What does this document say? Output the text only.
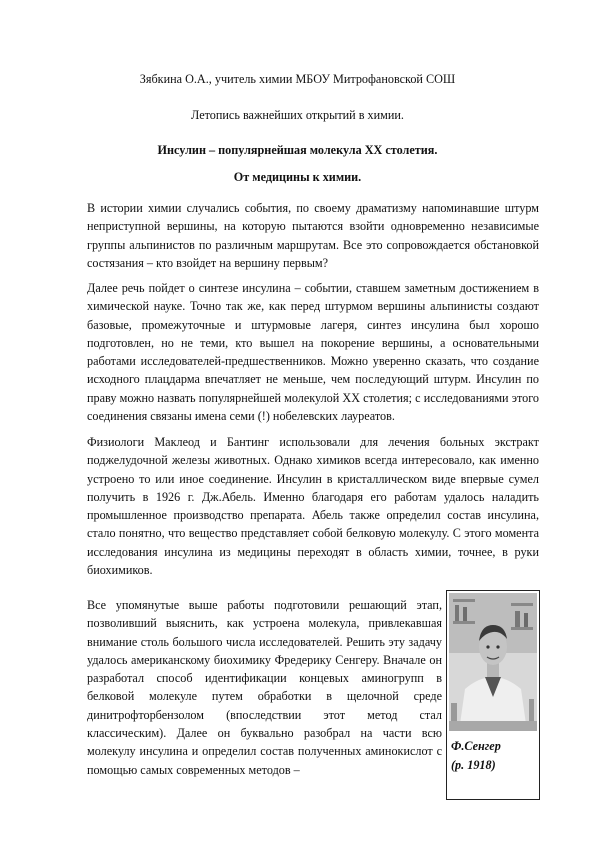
Зябкина О.А., учитель химии МБОУ Митрофановской СОШ
Летопись важнейших открытий в химии.
Инсулин – популярнейшая молекула XX столетия.
От медицины к химии.

В истории химии случались события, по своему драматизму напоминавшие штурм неприступной вершины, на которую пытаются взойти одновременно независимые группы альпинистов по различным маршрутам. Все это сопровождается обстановкой состязания – кто взойдет на вершину первым?

Далее речь пойдет о синтезе инсулина – событии, ставшем заметным достижением в химической науке. Точно так же, как перед штурмом вершины альпинисты создают базовые, промежуточные и штурмовые лагеря, синтез инсулина был хорошо подготовлен, но не теми, кто вышел на покорение вершины, а основательными работами исследователей-предшественников. Можно уверенно сказать, что создание исходного плацдарма впечатляет не меньше, чем последующий штурм. Инсулин по праву можно назвать популярнейшей молекулой XX столетия; с исследованиями этого соединения связаны имена семи (!) нобелевских лауреатов.

Физиологи Маклеод и Бантинг использовали для лечения больных экстракт поджелудочной железы животных. Однако химиков всегда интересовало, как именно устроено то или иное соединение. Инсулин в кристаллическом виде впервые сумел получить в 1926 г. Дж.Абель. Именно благодаря его работам удалось наладить промышленное производство препарата. Абель также определил состав инсулина, стало понятно, что вещество представляет собой белковую молекулу. С этого момента исследования инсулина из медицины переходят в область химии, точнее, в руки биохимиков.

Все упомянутые выше работы подготовили решающий этап, позволивший выяснить, как устроена молекула, привлекавшая внимание столь большого числа исследователей. Решить эту задачу удалось американскому биохимику Фредерику Сенгеру. Вначале он разработал способ идентификации концевых аминогрупп в белковой молекуле путем обработки в щелочной среде динитрофторбензолом (впоследствии этот метод стал классическим). Далее он буквально разобрал на части всю молекулу инсулина и определил состав полученных аминокислот с помощью самых современных методов –

Ф.Сенгер
(р. 1918)
